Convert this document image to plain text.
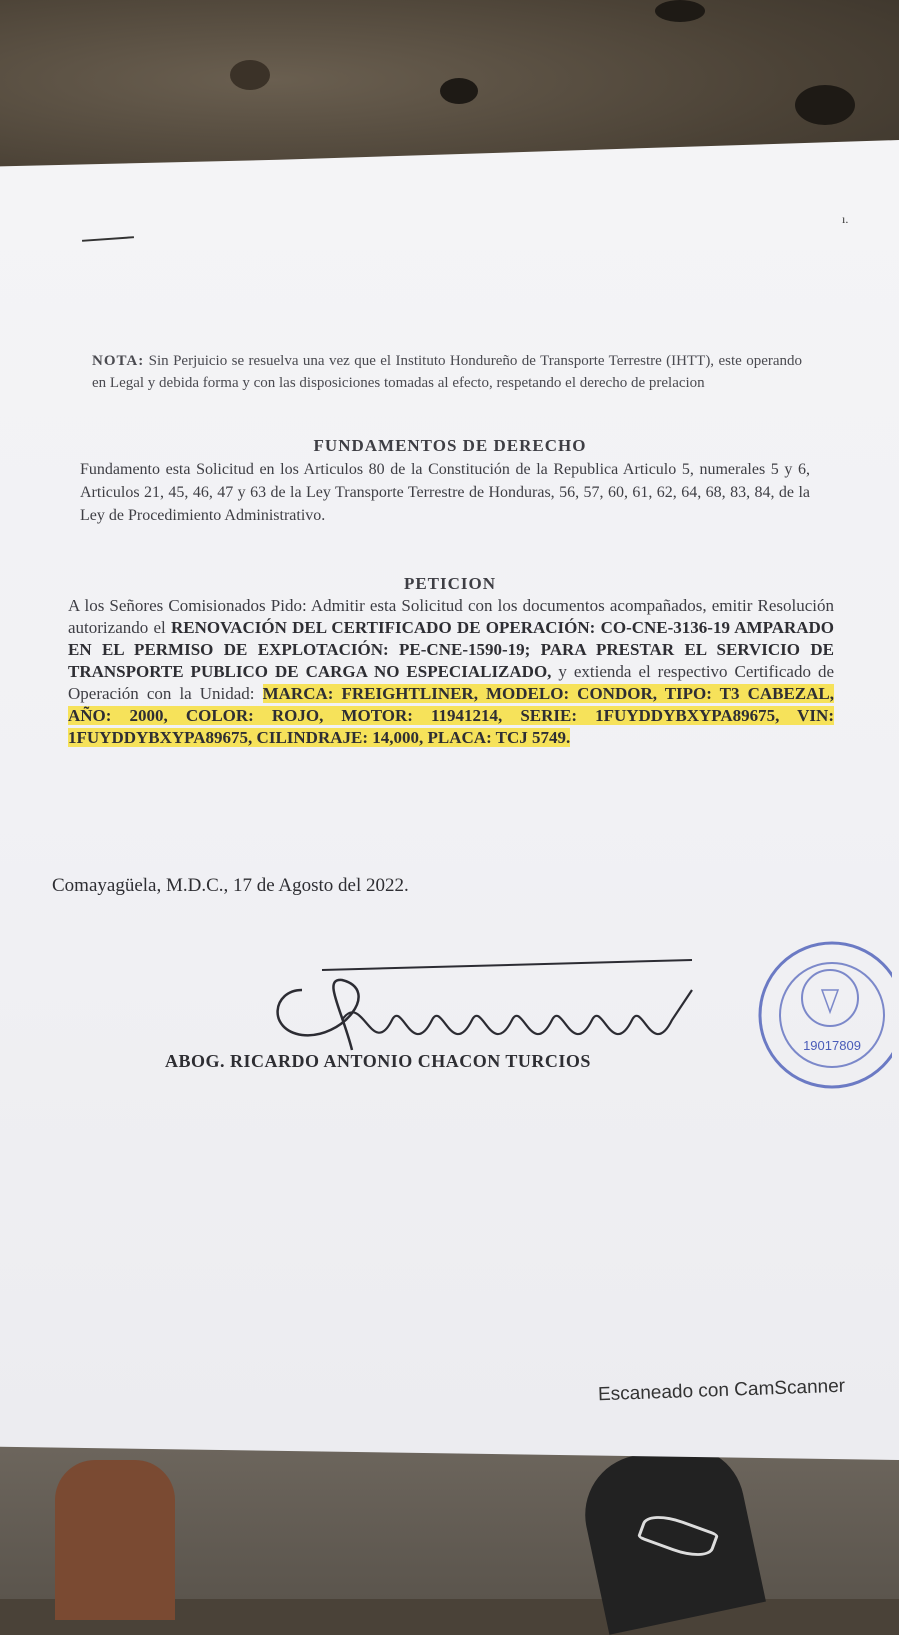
ı.
NOTA: Sin Perjuicio se resuelva una vez que el Instituto Hondureño de Transporte Terrestre (IHTT), este operando en Legal y debida forma y con las disposiciones tomadas al efecto, respetando el derecho de prelacion
FUNDAMENTOS DE DERECHO
Fundamento esta Solicitud en los Articulos 80 de la Constitución de la Republica Articulo 5, numerales 5 y 6, Articulos 21, 45, 46, 47 y 63 de la Ley Transporte Terrestre de Honduras, 56, 57, 60, 61, 62, 64, 68, 83, 84, de la Ley de Procedimiento Administrativo.
PETICION
A los Señores Comisionados Pido: Admitir esta Solicitud con los documentos acompañados, emitir Resolución autorizando el RENOVACIÓN DEL CERTIFICADO DE OPERACIÓN: CO-CNE-3136-19 AMPARADO EN EL PERMISO DE EXPLOTACIÓN: PE-CNE-1590-19; PARA PRESTAR EL SERVICIO DE TRANSPORTE PUBLICO DE CARGA NO ESPECIALIZADO, y extienda el respectivo Certificado de Operación con la Unidad: MARCA: FREIGHTLINER, MODELO: CONDOR, TIPO: T3 CABEZAL, AÑO: 2000, COLOR: ROJO, MOTOR: 11941214, SERIE: 1FUYDDYBXYPA89675, VIN: 1FUYDDYBXYPA89675, CILINDRAJE: 14,000, PLACA: TCJ 5749.
Comayagüela, M.D.C., 17 de Agosto del 2022.
ABOG. RICARDO ANTONIO CHACON TURCIOS
19017809
Escaneado con CamScanner
